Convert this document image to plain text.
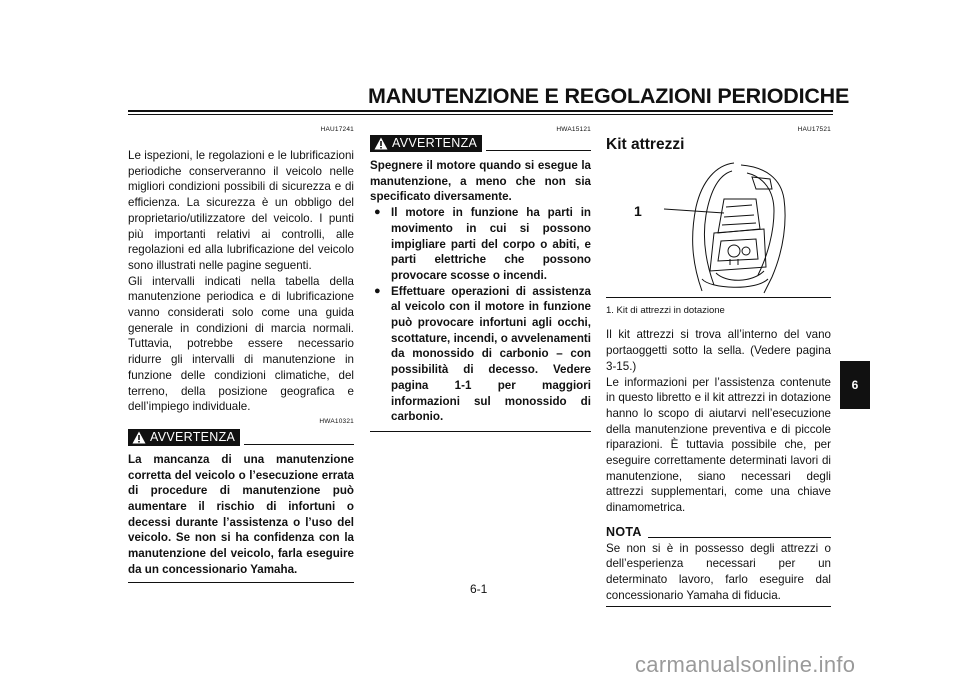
MANUTENZIONE E REGOLAZIONI PERIODICHE
HAU17241

Le ispezioni, le regolazioni e le lubrificazioni periodiche conserveranno il veicolo nelle migliori condizioni possibili di sicurezza e di efficienza. La sicurezza è un obbligo del proprietario/utilizzatore del veicolo. I punti più importanti relativi ai controlli, alle regolazioni ed alla lubrificazione del veicolo sono illustrati nelle pagine seguenti.

Gli intervalli indicati nella tabella della manutenzione periodica e di lubrificazione vanno considerati solo come una guida generale in condizioni di marcia normali. Tuttavia, potrebbe essere necessario ridurre gli intervalli di manutenzione in funzione delle condizioni climatiche, del terreno, della posizione geografica e dell’impiego individuale.

HWA10321
AVVERTENZA

La mancanza di una manutenzione corretta del veicolo o l’esecuzione errata di procedure di manutenzione può aumentare il rischio di infortuni o decessi durante l’assistenza o l’uso del veicolo. Se non si ha confidenza con la manutenzione del veicolo, farla eseguire da un concessionario Yamaha.

HWA15121
AVVERTENZA

Spegnere il motore quando si esegue la manutenzione, a meno che non sia specificato diversamente.

● Il motore in funzione ha parti in movimento in cui si possono impigliare parti del corpo o abiti, e parti elettriche che possono provocare scosse o incendi.
● Effettuare operazioni di assistenza al veicolo con il motore in funzione può provocare infortuni agli occhi, scottature, incendi, o avvelenamenti da monossido di carbonio – con possibilità di decesso. Vedere pagina 1-1 per maggiori informazioni sul monossido di carbonio.
HAU17521
Kit attrezzi
1
1. Kit di attrezzi in dotazione

Il kit attrezzi si trova all’interno del vano portaoggetti sotto la sella. (Vedere pagina 3-15.)

Le informazioni per l’assistenza contenute in questo libretto e il kit attrezzi in dotazione hanno lo scopo di aiutarvi nell’esecuzione della manutenzione preventiva e di piccole riparazioni. È tuttavia possibile che, per eseguire correttamente determinati lavori di manutenzione, siano necessari degli attrezzi supplementari, come una chiave dinamometrica.

NOTA

Se non si è in possesso degli attrezzi o dell’esperienza necessari per un determinato lavoro, farlo eseguire dal concessionario Yamaha di fiducia.

6
6-1
carmanualsonline.info
